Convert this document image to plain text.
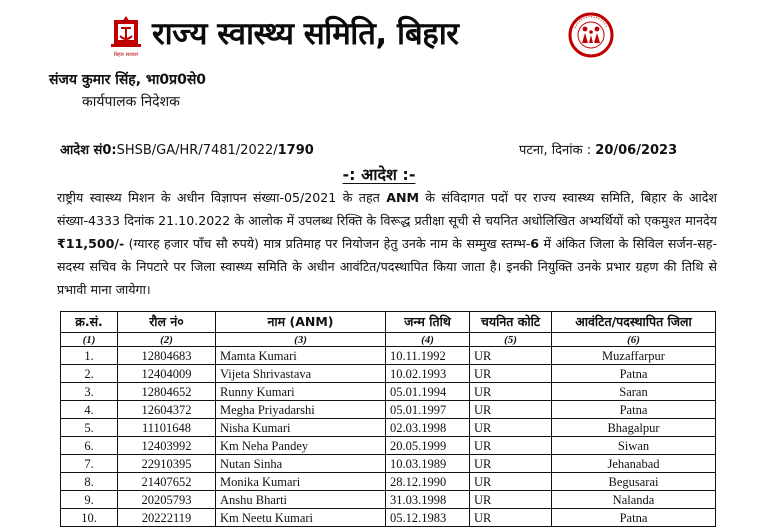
बिहार सरकार
राज्य स्वास्थ्य समिति, बिहार
संजय कुमार सिंह, भा0प्र0से0
कार्यपालक निदेशक
आदेश सं0:SHSB/GA/HR/7481/2022/1790	पटना, दिनांक : 20/06/2023
-: आदेश :-
राष्ट्रीय स्वास्थ्य मिशन के अधीन विज्ञापन संख्या-05/2021 के तहत ANM के संविदागत पदों पर राज्य स्वास्थ्य समिति, बिहार के आदेश संख्या-4333 दिनांक 21.10.2022 के आलोक में उपलब्ध रिक्ति के विरूद्ध प्रतीक्षा सूची से चयनित अधोलिखित अभ्यर्थियों को एकमुश्त मानदेय ₹11,500/- (ग्यारह हजार पाँच सौ रुपये) मात्र प्रतिमाह पर नियोजन हेतु उनके नाम के सम्मुख स्तम्भ-6 में अंकित जिला के सिविल सर्जन-सह-सदस्य सचिव के निपटारे पर जिला स्वास्थ्य समिति के अधीन आवंटित/पदस्थापित किया जाता है। इनकी नियुक्ति उनके प्रभार ग्रहण की तिथि से प्रभावी माना जायेगा।
क्र.सं.	रौल नं०	नाम (ANM)	जन्म तिथि	चयनित कोटि	आवंटित/पदस्थापित जिला
(1)	(2)	(3)	(4)	(5)	(6)
1.	12804683	Mamta Kumari	10.11.1992	UR	Muzaffarpur
2.	12404009	Vijeta Shrivastava	10.02.1993	UR	Patna
3.	12804652	Runny Kumari	05.01.1994	UR	Saran
4.	12604372	Megha Priyadarshi	05.01.1997	UR	Patna
5.	11101648	Nisha Kumari	02.03.1998	UR	Bhagalpur
6.	12403992	Km Neha Pandey	20.05.1999	UR	Siwan
7.	22910395	Nutan Sinha	10.03.1989	UR	Jehanabad
8.	21407652	Monika Kumari	28.12.1990	UR	Begusarai
9.	20205793	Anshu Bharti	31.03.1998	UR	Nalanda
10.	20222119	Km Neetu Kumari	05.12.1983	UR	Patna
